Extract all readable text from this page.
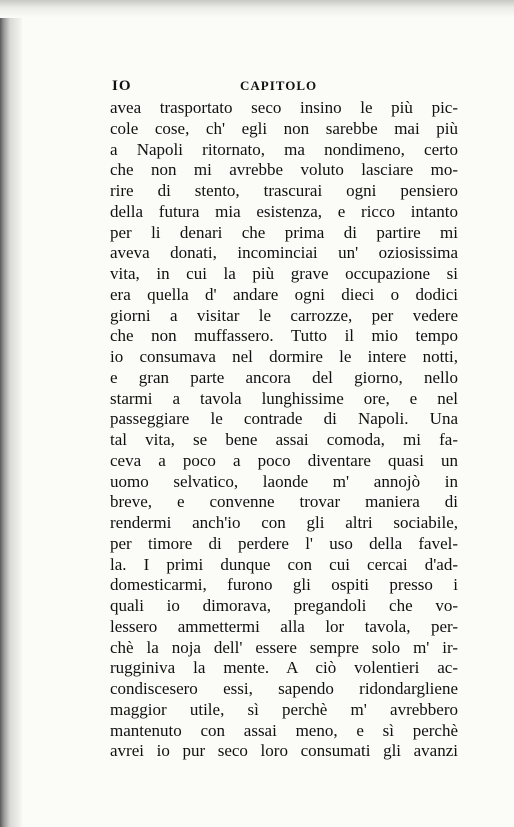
IO	CAPITOLO
avea trasportato seco insino le più pic-
cole cose, ch' egli non sarebbe mai più
a Napoli ritornato, ma nondimeno, certo
che non mi avrebbe voluto lasciare mo-
rire di stento, trascurai ogni pensiero
della futura mia esistenza, e ricco intanto
per li denari che prima di partire mi
aveva donati, incominciai un' oziosissima
vita, in cui la più grave occupazione si
era quella d' andare ogni dieci o dodici
giorni a visitar le carrozze, per vedere
che non muffassero. Tutto il mio tempo
io consumava nel dormire le intere notti,
e gran parte ancora del giorno, nello
starmi a tavola lunghissime ore, e nel
passeggiare le contrade di Napoli. Una
tal vita, se bene assai comoda, mi fa-
ceva a poco a poco diventare quasi un
uomo selvatico, laonde m' annojò in
breve, e convenne trovar maniera di
rendermi anch'io con gli altri sociabile,
per timore di perdere l' uso della favel-
la. I primi dunque con cui cercai d'ad-
domesticarmi, furono gli ospiti presso i
quali io dimorava, pregandoli che vo-
lessero ammettermi alla lor tavola, per-
chè la noja dell' essere sempre solo m' ir-
rugginiva la mente. A ciò volentieri ac-
condiscesero essi, sapendo ridondargliene
maggior utile, sì perchè m' avrebbero
mantenuto con assai meno, e sì perchè
avrei io pur seco loro consumati gli avanzi
